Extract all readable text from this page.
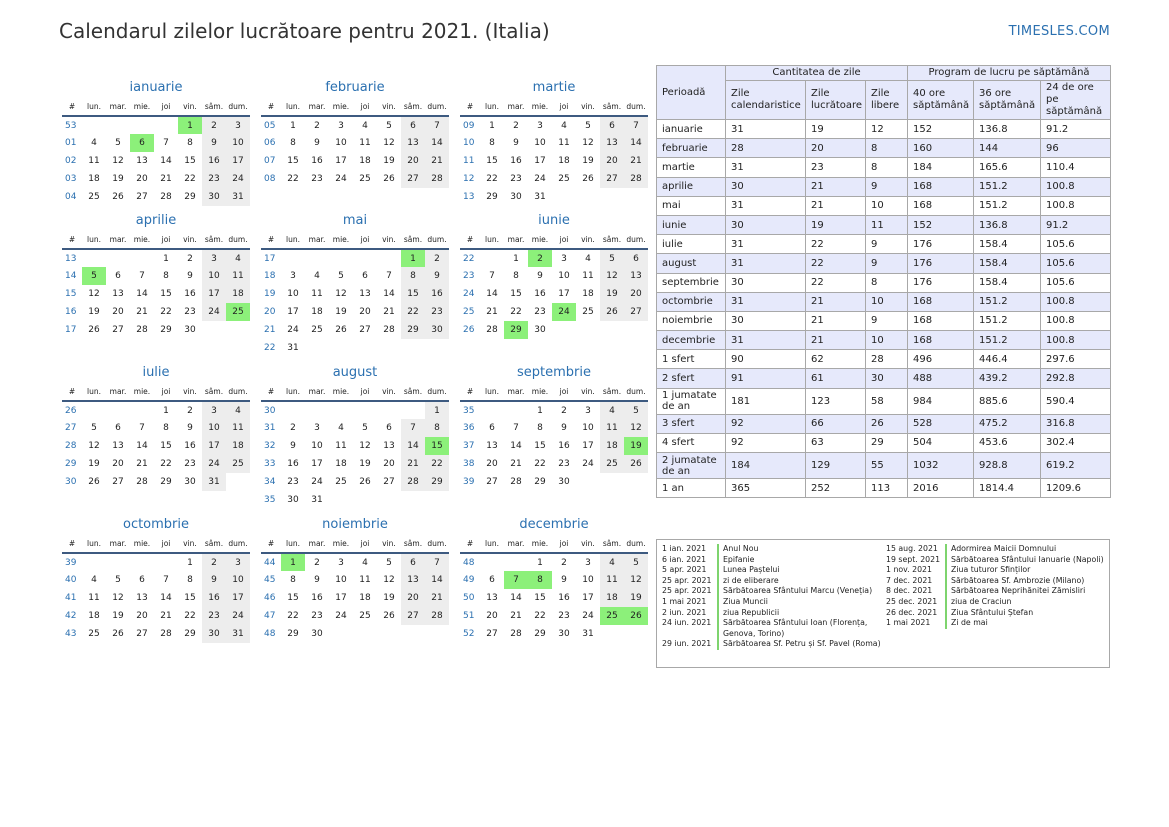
Calendarul zilelor lucrătoare pentru 2021. (Italia)	TIMESLES.COM
ianuarie
#	lun.	mar.	mie.	joi	vin.	sâm.	dum.
53					1	2	3
01	4	5	6	7	8	9	10
02	11	12	13	14	15	16	17
03	18	19	20	21	22	23	24
04	25	26	27	28	29	30	31
februarie
#	lun.	mar.	mie.	joi	vin.	sâm.	dum.
05	1	2	3	4	5	6	7
06	8	9	10	11	12	13	14
07	15	16	17	18	19	20	21
08	22	23	24	25	26	27	28
martie
#	lun.	mar.	mie.	joi	vin.	sâm.	dum.
09	1	2	3	4	5	6	7
10	8	9	10	11	12	13	14
11	15	16	17	18	19	20	21
12	22	23	24	25	26	27	28
13	29	30	31				
aprilie
#	lun.	mar.	mie.	joi	vin.	sâm.	dum.
13				1	2	3	4
14	5	6	7	8	9	10	11
15	12	13	14	15	16	17	18
16	19	20	21	22	23	24	25
17	26	27	28	29	30		
mai
#	lun.	mar.	mie.	joi	vin.	sâm.	dum.
17						1	2
18	3	4	5	6	7	8	9
19	10	11	12	13	14	15	16
20	17	18	19	20	21	22	23
21	24	25	26	27	28	29	30
22	31						
iunie
#	lun.	mar.	mie.	joi	vin.	sâm.	dum.
22		1	2	3	4	5	6
23	7	8	9	10	11	12	13
24	14	15	16	17	18	19	20
25	21	22	23	24	25	26	27
26	28	29	30				
iulie
#	lun.	mar.	mie.	joi	vin.	sâm.	dum.
26				1	2	3	4
27	5	6	7	8	9	10	11
28	12	13	14	15	16	17	18
29	19	20	21	22	23	24	25
30	26	27	28	29	30	31	
august
#	lun.	mar.	mie.	joi	vin.	sâm.	dum.
30							1
31	2	3	4	5	6	7	8
32	9	10	11	12	13	14	15
33	16	17	18	19	20	21	22
34	23	24	25	26	27	28	29
35	30	31					
septembrie
#	lun.	mar.	mie.	joi	vin.	sâm.	dum.
35			1	2	3	4	5
36	6	7	8	9	10	11	12
37	13	14	15	16	17	18	19
38	20	21	22	23	24	25	26
39	27	28	29	30			
octombrie
#	lun.	mar.	mie.	joi	vin.	sâm.	dum.
39					1	2	3
40	4	5	6	7	8	9	10
41	11	12	13	14	15	16	17
42	18	19	20	21	22	23	24
43	25	26	27	28	29	30	31
noiembrie
#	lun.	mar.	mie.	joi	vin.	sâm.	dum.
44	1	2	3	4	5	6	7
45	8	9	10	11	12	13	14
46	15	16	17	18	19	20	21
47	22	23	24	25	26	27	28
48	29	30					
decembrie
#	lun.	mar.	mie.	joi	vin.	sâm.	dum.
48			1	2	3	4	5
49	6	7	8	9	10	11	12
50	13	14	15	16	17	18	19
51	20	21	22	23	24	25	26
52	27	28	29	30	31		
Perioadă	Cantitatea de zile			Program de lucru pe săptămână		
	Zile calendaristice	Zile lucrătoare	Zile libere	40 ore săptămână	36 ore săptămână	24 de ore pe săptămână
ianuarie	31	19	12	152	136.8	91.2
februarie	28	20	8	160	144	96
martie	31	23	8	184	165.6	110.4
aprilie	30	21	9	168	151.2	100.8
mai	31	21	10	168	151.2	100.8
iunie	30	19	11	152	136.8	91.2
iulie	31	22	9	176	158.4	105.6
august	31	22	9	176	158.4	105.6
septembrie	30	22	8	176	158.4	105.6
octombrie	31	21	10	168	151.2	100.8
noiembrie	30	21	9	168	151.2	100.8
decembrie	31	21	10	168	151.2	100.8
1 sfert	90	62	28	496	446.4	297.6
2 sfert	91	61	30	488	439.2	292.8
1 jumatate de an	181	123	58	984	885.6	590.4
3 sfert	92	66	26	528	475.2	316.8
4 sfert	92	63	29	504	453.6	302.4
2 jumatate de an	184	129	55	1032	928.8	619.2
1 an	365	252	113	2016	1814.4	1209.6
1 ian. 2021	Anul Nou
6 ian. 2021	Epifanie
5 apr. 2021	Lunea Paștelui
25 apr. 2021	zi de eliberare
25 apr. 2021	Sărbătoarea Sfântului Marcu (Veneția)
1 mai 2021	Ziua Muncii
2 iun. 2021	ziua Republicii
24 iun. 2021	Sărbătoarea Sfântului Ioan (Florența, Genova, Torino)
29 iun. 2021	Sărbătoarea Sf. Petru și Sf. Pavel (Roma)
15 aug. 2021	Adormirea Maicii Domnului
19 sept. 2021	Sărbătoarea Sfântului Ianuarie (Napoli)
1 nov. 2021	Ziua tuturor Sfinților
7 dec. 2021	Sărbătoarea Sf. Ambrozie (Milano)
8 dec. 2021	Sărbătoarea Neprihănitei Zămisliri
25 dec. 2021	ziua de Craciun
26 dec. 2021	Ziua Sfântului Ștefan
1 mai 2021	Zi de mai
